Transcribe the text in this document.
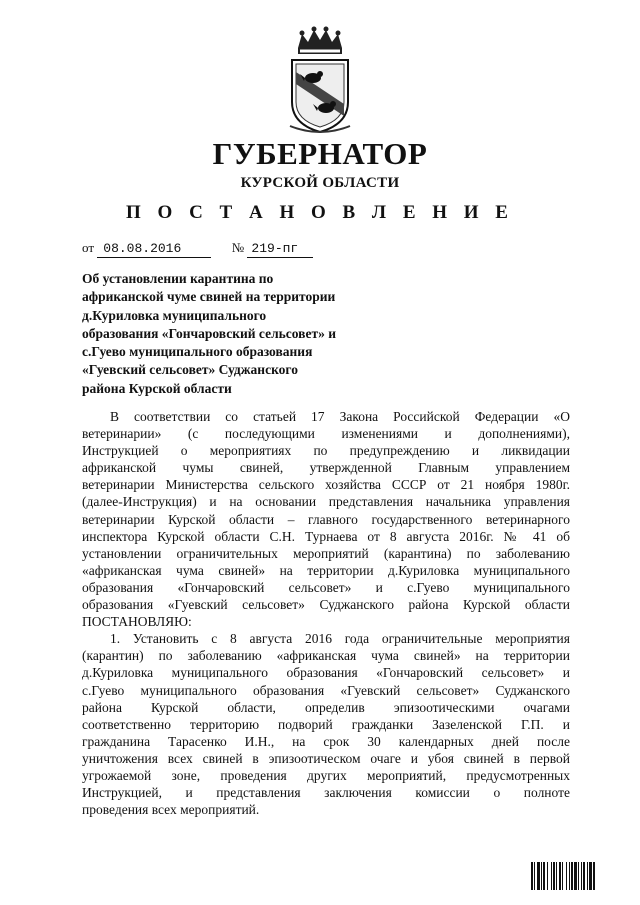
ГУБЕРНАТОР
КУРСКОЙ ОБЛАСТИ
П О С Т А Н О В Л Е Н И Е
от 08.08.2016	№ 219-пг
Об установлении карантина по
африканской чуме свиней на территории
д.Куриловка муниципального
образования «Гончаровский сельсовет» и
с.Гуево муниципального образования
«Гуевский сельсовет» Суджанского
района Курской области
В соответствии со статьей 17 Закона Российской Федерации «О
ветеринарии» (с последующими изменениями и дополнениями),
Инструкцией о мероприятиях по предупреждению и ликвидации
африканской чумы свиней, утвержденной Главным управлением
ветеринарии Министерства сельского хозяйства СССР от 21 ноября 1980г.
(далее-Инструкция) и на основании представления начальника управления
ветеринарии Курской области – главного государственного ветеринарного
инспектора Курской области С.Н. Турнаева от 8 августа 2016г. № 41 об
установлении ограничительных мероприятий (карантина) по заболеванию
«африканская чума свиней» на территории д.Куриловка муниципального
образования «Гончаровский сельсовет» и с.Гуево муниципального
образования «Гуевский сельсовет» Суджанского района Курской области
ПОСТАНОВЛЯЮ:
1. Установить с 8 августа 2016 года ограничительные мероприятия
(карантин) по заболеванию «африканская чума свиней» на территории
д.Куриловка муниципального образования «Гончаровский сельсовет» и
с.Гуево муниципального образования «Гуевский сельсовет» Суджанского
района Курской области, определив эпизоотическими очагами
соответственно территорию подворий гражданки Зазеленской Г.П. и
гражданина Тарасенко И.Н., на срок 30 календарных дней после
уничтожения всех свиней в эпизоотическом очаге и убоя свиней в первой
угрожаемой зоне, проведения других мероприятий, предусмотренных
Инструкцией, и представления заключения комиссии о полноте
проведения всех мероприятий.
